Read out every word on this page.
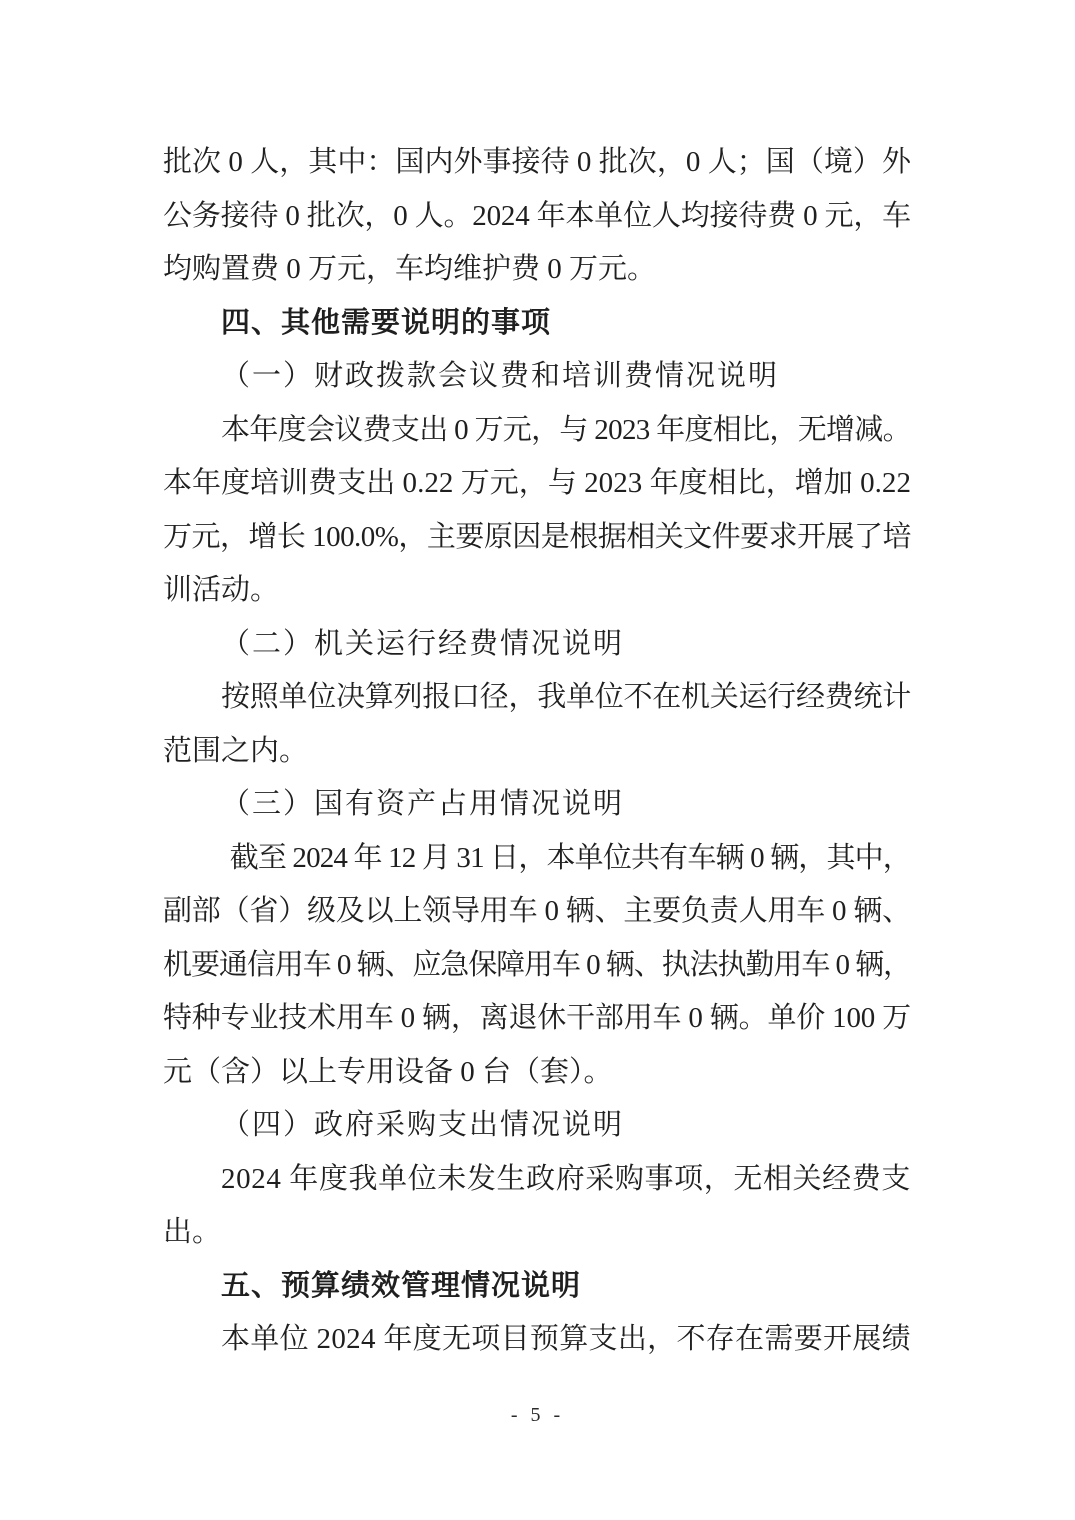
批次 0 人，其中：国内外事接待 0 批次，0 人；国（境）外
公务接待 0 批次，0 人。2024 年本单位人均接待费 0 元，车
均购置费 0 万元，车均维护费 0 万元。
四、其他需要说明的事项
（一）财政拨款会议费和培训费情况说明
本年度会议费支出 0 万元，与 2023 年度相比，无增减。
本年度培训费支出 0.22 万元，与 2023 年度相比，增加 0.22
万元，增长 100.0%，主要原因是根据相关文件要求开展了培
训活动。
（二）机关运行经费情况说明
按照单位决算列报口径，我单位不在机关运行经费统计
范围之内。
（三）国有资产占用情况说明
截至 2024 年 12 月 31 日，本单位共有车辆 0 辆，其中，
副部（省）级及以上领导用车 0 辆、主要负责人用车 0 辆、
机要通信用车 0 辆、应急保障用车 0 辆、执法执勤用车 0 辆，
特种专业技术用车 0 辆，离退休干部用车 0 辆。单价 100 万
元（含）以上专用设备 0 台（套）。
（四）政府采购支出情况说明
2024 年度我单位未发生政府采购事项，无相关经费支
出。
五、预算绩效管理情况说明
本单位 2024 年度无项目预算支出，不存在需要开展绩
- 5 -
